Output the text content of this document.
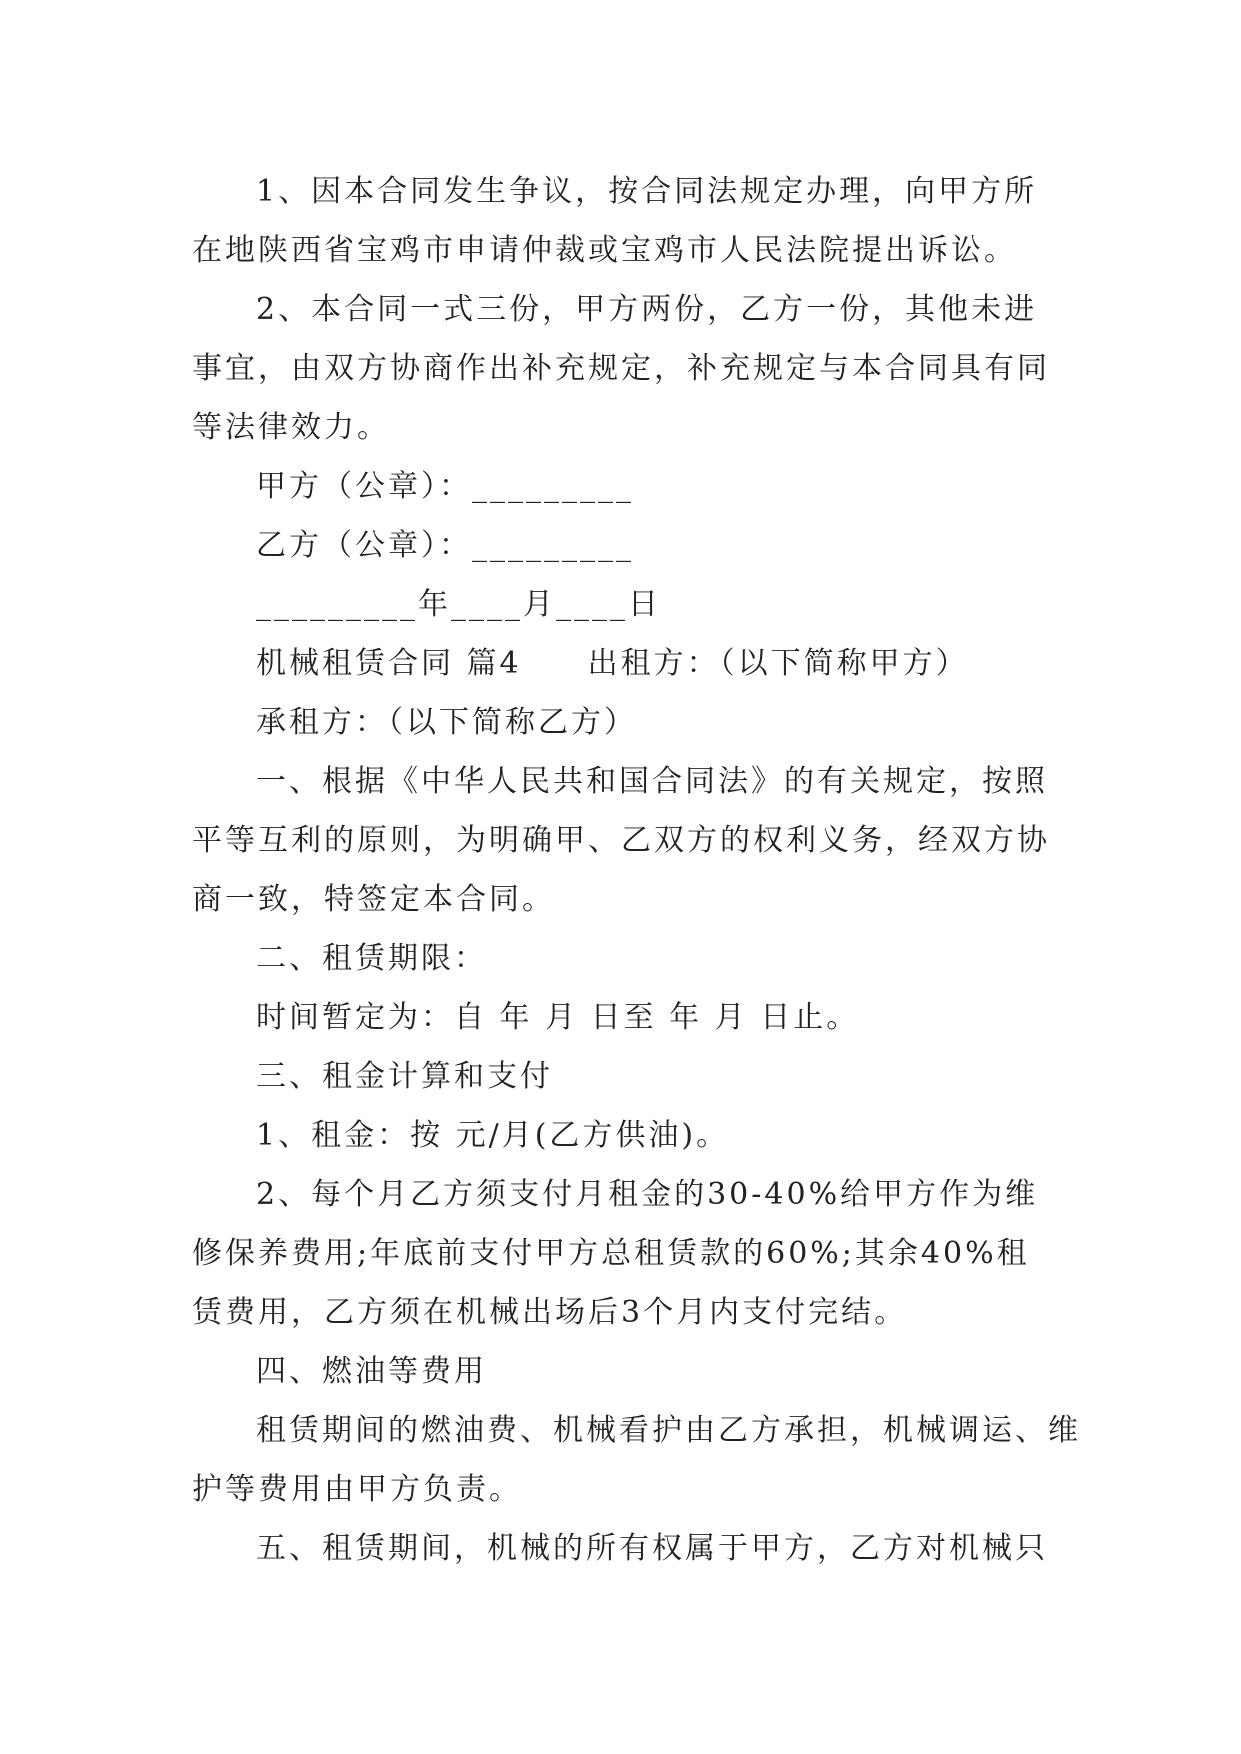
1、因本合同发生争议，按合同法规定办理，向甲方所在地陕西省宝鸡市申请仲裁或宝鸡市人民法院提出诉讼。

2、本合同一式三份，甲方两份，乙方一份，其他未进事宜，由双方协商作出补充规定，补充规定与本合同具有同等法律效力。

甲方（公章）：_________

乙方（公章）：_________

_________年____月____日

机械租赁合同 篇4　　出租方：（以下简称甲方）

承租方：（以下简称乙方）

一、根据《中华人民共和国合同法》的有关规定，按照平等互利的原则，为明确甲、乙双方的权利义务，经双方协商一致，特签定本合同。

二、租赁期限：

时间暂定为：自 年 月 日至 年 月 日止。

三、租金计算和支付

1、租金：按 元/月(乙方供油)。

2、每个月乙方须支付月租金的30-40%给甲方作为维修保养费用;年底前支付甲方总租赁款的60%;其余40%租赁费用，乙方须在机械出场后3个月内支付完结。

四、燃油等费用

租赁期间的燃油费、机械看护由乙方承担，机械调运、维护等费用由甲方负责。

五、租赁期间，机械的所有权属于甲方，乙方对机械只
